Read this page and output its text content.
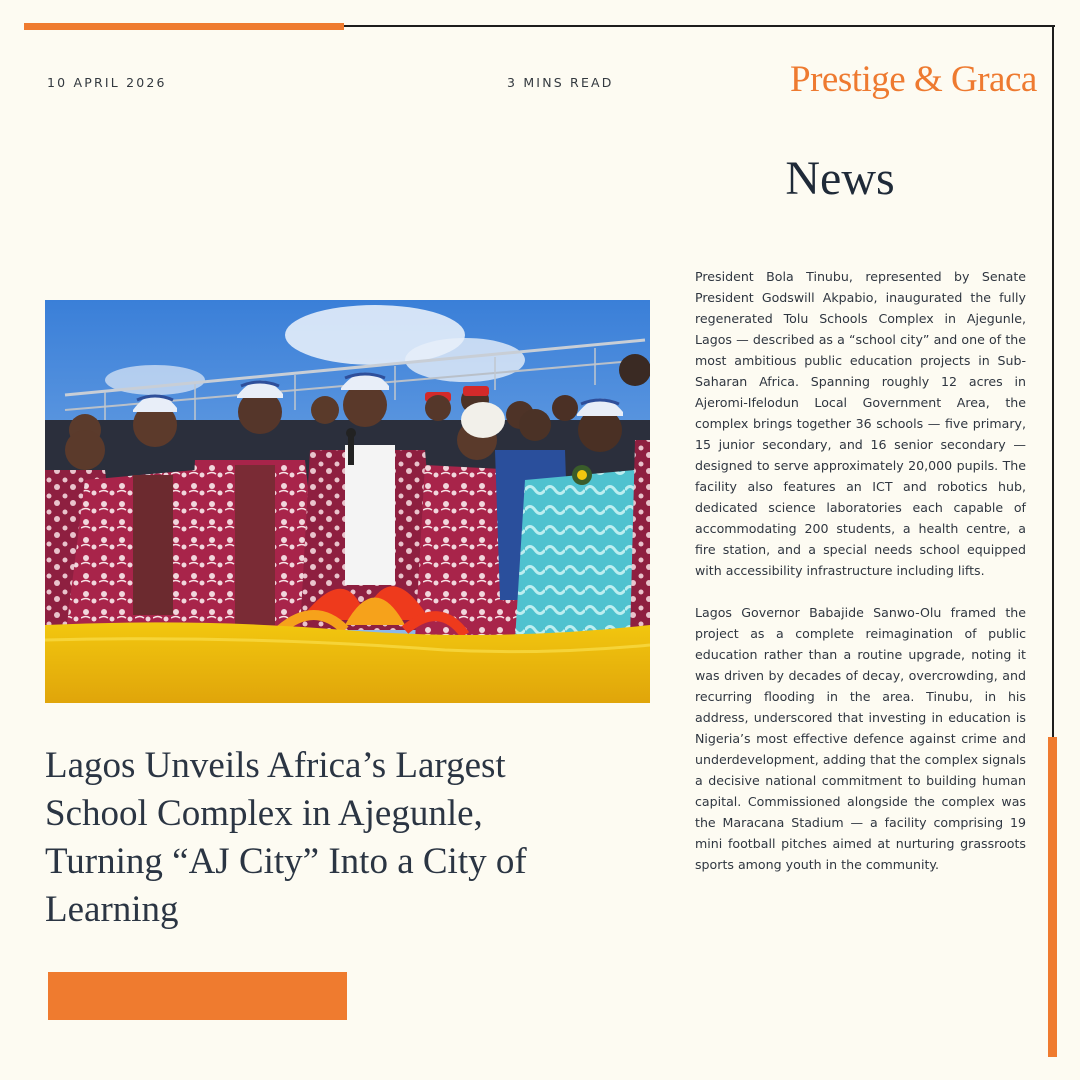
10 APRIL 2026	3 MINS READ	Prestige & Graca
News
Lagos Unveils Africa’s Largest School Complex in Ajegunle, Turning “AJ City” Into a City of Learning

President Bola Tinubu, represented by Senate President Godswill Akpabio, inaugurated the fully regenerated Tolu Schools Complex in Ajegunle, Lagos — described as a “school city” and one of the most ambitious public education projects in Sub-Saharan Africa. Spanning roughly 12 acres in Ajeromi-Ifelodun Local Government Area, the complex brings together 36 schools — five primary, 15 junior secondary, and 16 senior secondary — designed to serve approximately 20,000 pupils. The facility also features an ICT and robotics hub, dedicated science laboratories each capable of accommodating 200 students, a health centre, a fire station, and a special needs school equipped with accessibility infrastructure including lifts.

Lagos Governor Babajide Sanwo-Olu framed the project as a complete reimagination of public education rather than a routine upgrade, noting it was driven by decades of decay, overcrowding, and recurring flooding in the area. Tinubu, in his address, underscored that investing in education is Nigeria’s most effective defence against crime and underdevelopment, adding that the complex signals a decisive national commitment to building human capital. Commissioned alongside the complex was the Maracana Stadium — a facility comprising 19 mini football pitches aimed at nurturing grassroots sports among youth in the community.
